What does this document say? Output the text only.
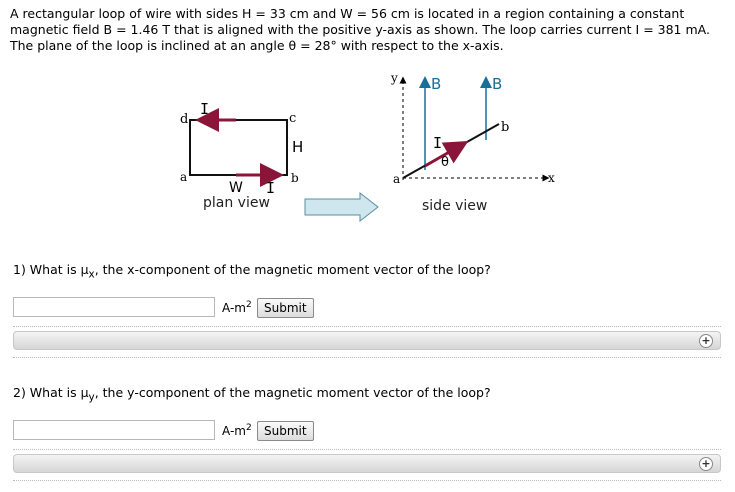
A rectangular loop of wire with sides H = 33 cm and W = 56 cm is located in a region containing a constant magnetic field B = 1.46 T that is aligned with the positive y-axis as shown. The loop carries current I = 381 mA. The plane of the loop is inclined at an angle θ = 28° with respect to the x-axis.
d	c
a	b
I
H
W I
plan view
y
x
B	B
a
b
I
θ
side view
1) What is $\mu_x$, the x-component of the magnetic moment vector of the loop?
$A-m^2$	Submit
+
2) What is $\mu_y$, the y-component of the magnetic moment vector of the loop?
$A-m^2$	Submit
+
